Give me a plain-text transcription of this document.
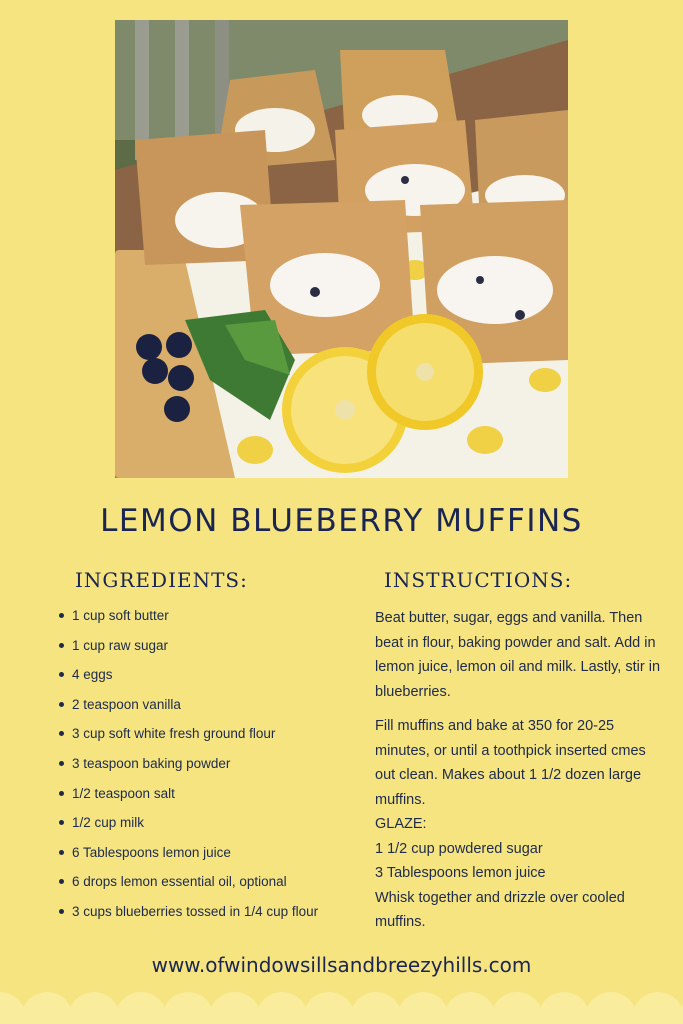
LEMON BLUEBERRY MUFFINS
INGREDIENTS:	INSTRUCTIONS:
1 cup soft butter
1 cup raw sugar
4 eggs
2 teaspoon vanilla
3 cup soft white fresh ground flour
3 teaspoon baking powder
1/2 teaspoon salt
1/2 cup milk
6 Tablespoons lemon juice
6 drops lemon essential oil, optional
3 cups blueberries tossed in 1/4 cup flour

Beat butter, sugar, eggs and vanilla. Then beat in flour, baking powder and salt. Add in lemon juice, lemon oil and milk. Lastly, stir in blueberries.

Fill muffins and bake at 350 for 20-25 minutes, or until a toothpick inserted cmes out clean. Makes about 1 1/2 dozen large muffins.

GLAZE:

1 1/2 cup powdered sugar

3 Tablespoons lemon juice

Whisk together and drizzle over cooled muffins.

www.ofwindowsillsandbreezyhills.com
